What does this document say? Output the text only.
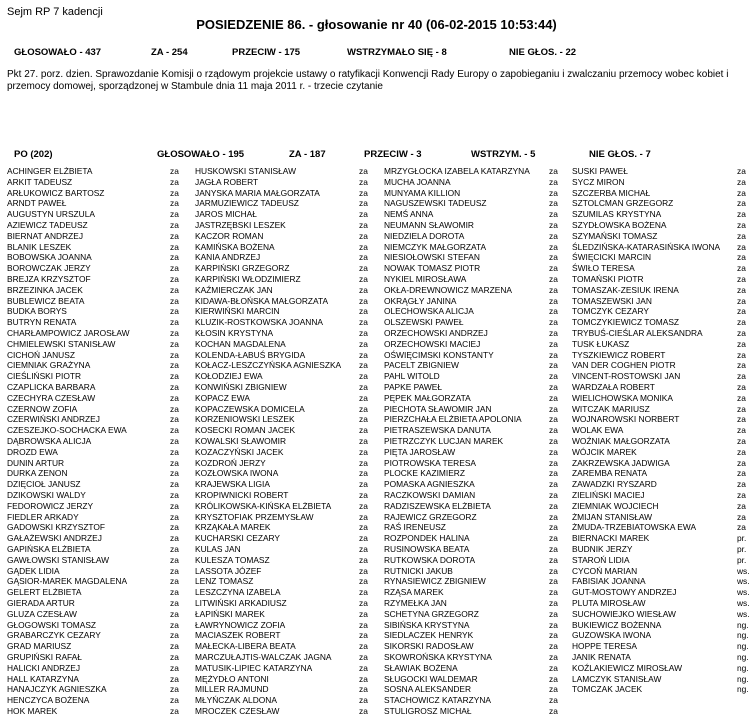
Sejm RP 7 kadencji
POSIEDZENIE 86. - głosowanie nr 40 (06-02-2015 10:53:44)
GŁOSOWAŁO - 437	ZA - 254	PRZECIW - 175	WSTRZYMAŁO SIĘ - 8	NIE GŁOS. - 22
Pkt 27. porz. dzien. Sprawozdanie Komisji o rządowym projekcie ustawy o ratyfikacji Konwencji Rady Europy o zapobieganiu i zwalczaniu przemocy wobec kobiet i przemocy domowej, sporządzonej w Stambule dnia 11 maja 2011 r. - trzecie czytanie
PO (202)	GŁOSOWAŁO - 195	ZA - 187	PRZECIW - 3	WSTRZYM. - 5	NIE GŁOS. - 7
ACHINGER ELŻBIETA	za
ARKIT TADEUSZ	za
ARŁUKOWICZ BARTOSZ	za
ARNDT PAWEŁ	za
AUGUSTYN URSZULA	za
AZIEWICZ TADEUSZ	za
BIERNAT ANDRZEJ	za
BLANIK LESZEK	za
BOBOWSKA JOANNA	za
BOROWCZAK JERZY	za
BREJZA KRZYSZTOF	za
BRZEZINKA JACEK	za
BUBLEWICZ BEATA	za
BUDKA BORYS	za
BUTRYN RENATA	za
CHARŁAMPOWICZ JAROSŁAW	za
CHMIELEWSKI STANISŁAW	za
CICHOŃ JANUSZ	za
CIEMNIAK GRAŻYNA	za
CIEŚLIŃSKI PIOTR	za
CZAPLICKA BARBARA	za
CZECHYRA CZESŁAW	za
CZERNOW ZOFIA	za
CZERWIŃSKI ANDRZEJ	za
CZESZEJKO-SOCHACKA EWA	za
DĄBROWSKA ALICJA	za
DROZD EWA	za
DUNIN ARTUR	za
DURKA ZENON	za
DZIĘCIOŁ JANUSZ	za
DZIKOWSKI WALDY	za
FEDOROWICZ JERZY	za
FIEDLER ARKADY	za
GADOWSKI KRZYSZTOF	za
GAŁAŻEWSKI ANDRZEJ	za
GAPIŃSKA ELŻBIETA	za
GAWŁOWSKI STANISŁAW	za
GĄDEK LIDIA	za
GĄSIOR-MAREK MAGDALENA	za
GELERT ELŻBIETA	za
GIERADA ARTUR	za
GLUZA CZESŁAW	za
GŁOGOWSKI TOMASZ	za
GRABARCZYK CEZARY	za
GRAD MARIUSZ	za
GRUPIŃSKI RAFAŁ	za
HALICKI ANDRZEJ	za
HALL KATARZYNA	za
HANAJCZYK AGNIESZKA	za
HENCZYCA BOŻENA	za
HOK MAREK	za
HUSKOWSKI STANISŁAW	za
JAGŁA ROBERT	za
JANYSKA MARIA MAŁGORZATA	za
JARMUZIEWICZ TADEUSZ	za
JAROS MICHAŁ	za
JASTRZĘBSKI LESZEK	za
KACZOR ROMAN	za
KAMIŃSKA BOŻENA	za
KANIA ANDRZEJ	za
KARPIŃSKI GRZEGORZ	za
KARPIŃSKI WŁODZIMIERZ	za
KAŹMIERCZAK JAN	za
KIDAWA-BŁOŃSKA MAŁGORZATA	za
KIERWIŃSKI MARCIN	za
KLUZIK-ROSTKOWSKA JOANNA	za
KŁOSIN KRYSTYNA	za
KOCHAN MAGDALENA	za
KOLENDA-ŁABUŚ BRYGIDA	za
KOŁACZ-LESZCZYŃSKA AGNIESZKA za
KOŁODZIEJ EWA	za
KONWIŃSKI ZBIGNIEW	za
KOPACZ EWA	za
KOPACZEWSKA DOMICELA	za
KORZENIOWSKI LESZEK	za
KOSECKI ROMAN JACEK	za
KOWALSKI SŁAWOMIR	za
KOZACZYŃSKI JACEK	za
KOZDROŃ JERZY	za
KOZŁOWSKA IWONA	za
KRAJEWSKA LIGIA	za
KROPIWNICKI ROBERT	za
KRÓLIKOWSKA-KIŃSKA ELŻBIETA	za
KRYSZTOFIAK PRZEMYSŁAW	za
KRZĄKAŁA MAREK	za
KUCHARSKI CEZARY	za
KULAS JAN	za
KULESZA TOMASZ	za
LASSOTA JÓZEF	za
LENZ TOMASZ	za
LESZCZYNA IZABELA	za
LITWIŃSKI ARKADIUSZ	za
ŁAPIŃSKI MAREK	za
ŁAWRYNOWICZ ZOFIA	za
MACIASZEK ROBERT	za
MAŁECKA-LIBERA BEATA	za
MARCZUŁAJTIS-WALCZAK JAGNA	za
MATUSIK-LIPIEC KATARZYNA	za
MĘŻYDŁO ANTONI	za
MILLER RAJMUND	za
MŁYŃCZAK ALDONA	za
MROCZEK CZESŁAW	za
MRZYGŁOCKA IZABELA KATARZYNA za
MUCHA JOANNA	za
MUNYAMA KILLION	za
NAGUSZEWSKI TADEUSZ	za
NEMŚ ANNA	za
NEUMANN SŁAWOMIR	za
NIEDZIELA DOROTA	za
NIEMCZYK MAŁGORZATA	za
NIESIOŁOWSKI STEFAN	za
NOWAK TOMASZ PIOTR	za
NYKIEL MIROSŁAWA	za
OKŁA-DREWNOWICZ MARZENA	za
OKRĄGŁY JANINA	za
OLECHOWSKA ALICJA	za
OLSZEWSKI PAWEŁ	za
ORZECHOWSKI ANDRZEJ	za
ORZECHOWSKI MACIEJ	za
OŚWIĘCIMSKI KONSTANTY	za
PACELT ZBIGNIEW	za
PAHL WITOLD	za
PAPKE PAWEŁ	za
PĘPEK MAŁGORZATA	za
PIECHOTA SŁAWOMIR JAN	za
PIERZCHAŁA ELŻBIETA APOLONIA	za
PIETRASZEWSKA DANUTA	za
PIETRZCZYK LUCJAN MAREK	za
PIĘTA JAROSŁAW	za
PIOTROWSKA TERESA	za
PLOCKE KAZIMIERZ	za
POMASKA AGNIESZKA	za
RACZKOWSKI DAMIAN	za
RADZISZEWSKA ELŻBIETA	za
RAJEWICZ GRZEGORZ	za
RAŚ IRENEUSZ	za
ROZPONDEK HALINA	za
RUSINOWSKA BEATA	za
RUTKOWSKA DOROTA	za
RUTNICKI JAKUB	za
RYNASIEWICZ ZBIGNIEW	za
RZĄSA MAREK	za
RZYMEŁKA JAN	za
SCHETYNA GRZEGORZ	za
SIBIŃSKA KRYSTYNA	za
SIEDLACZEK HENRYK	za
SIKORSKI RADOSŁAW	za
SKOWROŃSKA KRYSTYNA	za
SŁAWIAK BOŻENA	za
SŁUGOCKI WALDEMAR	za
SOSNA ALEKSANDER	za
STACHOWICZ KATARZYNA	za
STULIGROSZ MICHAŁ	za
SUSKI PAWEŁ	za
SYCZ MIRON	za
SZCZERBA MICHAŁ	za
SZTOLCMAN GRZEGORZ	za
SZUMILAS KRYSTYNA	za
SZYDŁOWSKA BOŻENA	za
SZYMAŃSKI TOMASZ	za
ŚLEDZIŃSKA-KATARASIŃSKA IWONA za
ŚWIĘCICKI MARCIN	za
ŚWIŁO TERESA	za
TOMAŃSKI PIOTR	za
TOMASZAK-ZESIUK IRENA	za
TOMASZEWSKI JAN	za
TOMCZYK CEZARY	za
TOMCZYKIEWICZ TOMASZ	za
TRYBUŚ-CIEŚLAR ALEKSANDRA	za
TUSK ŁUKASZ	za
TYSZKIEWICZ ROBERT	za
VAN DER COGHEN PIOTR	za
VINCENT-ROSTOWSKI JAN	za
WARDZAŁA ROBERT	za
WIELICHOWSKA MONIKA	za
WITCZAK MARIUSZ	za
WOJNAROWSKI NORBERT	za
WOLAK EWA	za
WOŹNIAK MAŁGORZATA	za
WÓJCIK MAREK	za
ZAKRZEWSKA JADWIGA	za
ZAREMBA RENATA	za
ZAWADZKI RYSZARD	za
ZIELIŃSKI MACIEJ	za
ZIEMNIAK WOJCIECH	za
ŻMIJAN STANISŁAW	za
ŻMUDA-TRZEBIATOWSKA EWA	za
BIERNACKI MAREK	pr.
BUDNIK JERZY	pr.
STAROŃ LIDIA	pr.
CYCOŃ MARIAN	ws.
FABISIAK JOANNA	ws.
GUT-MOSTOWY ANDRZEJ	ws.
PLUTA MIROSŁAW	ws.
SUCHOWIEJKO WIESŁAW	ws.
BUKIEWICZ BOŻENNA	ng.
GUZOWSKA IWONA	ng.
HOPPE TERESA	ng.
JANIK RENATA	ng.
KOŹLAKIEWICZ MIROSŁAW	ng.
LAMCZYK STANISŁAW	ng.
TOMCZAK JACEK	ng.
